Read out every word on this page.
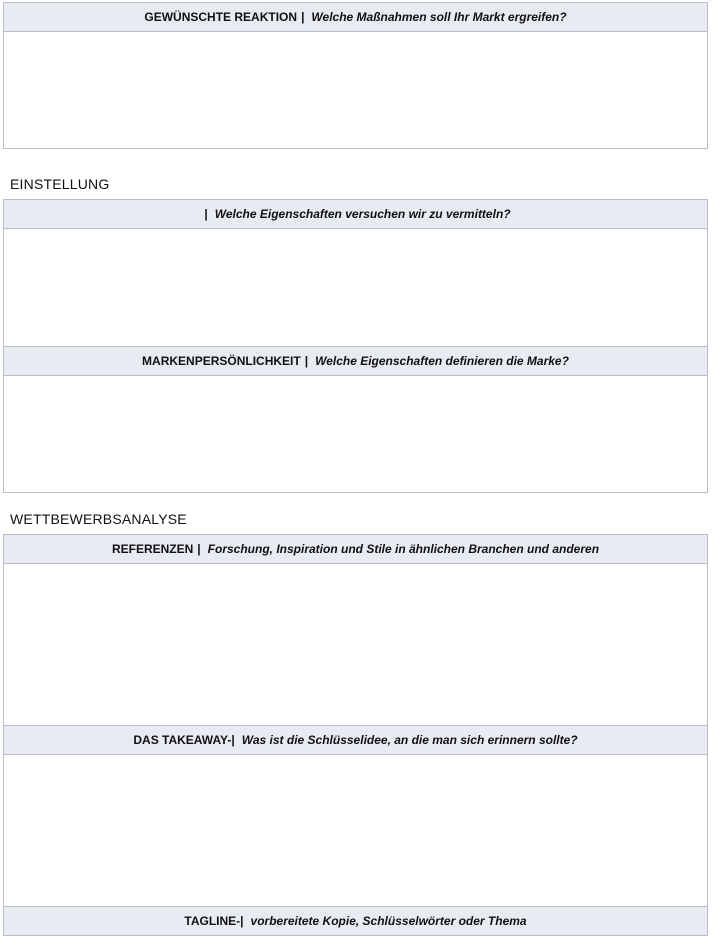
GEWÜNSCHTE REAKTION | Welche Maßnahmen soll Ihr Markt ergreifen?
EINSTELLUNG
| Welche Eigenschaften versuchen wir zu vermitteln?
MARKENPERSÖNLICHKEIT | Welche Eigenschaften definieren die Marke?
WETTBEWERBSANALYSE
REFERENZEN | Forschung, Inspiration und Stile in ähnlichen Branchen und anderen
DAS TAKEAWAY- | Was ist die Schlüsselidee, an die man sich erinnern sollte?
TAGLINE- | vorbereitete Kopie, Schlüsselwörter oder Thema
